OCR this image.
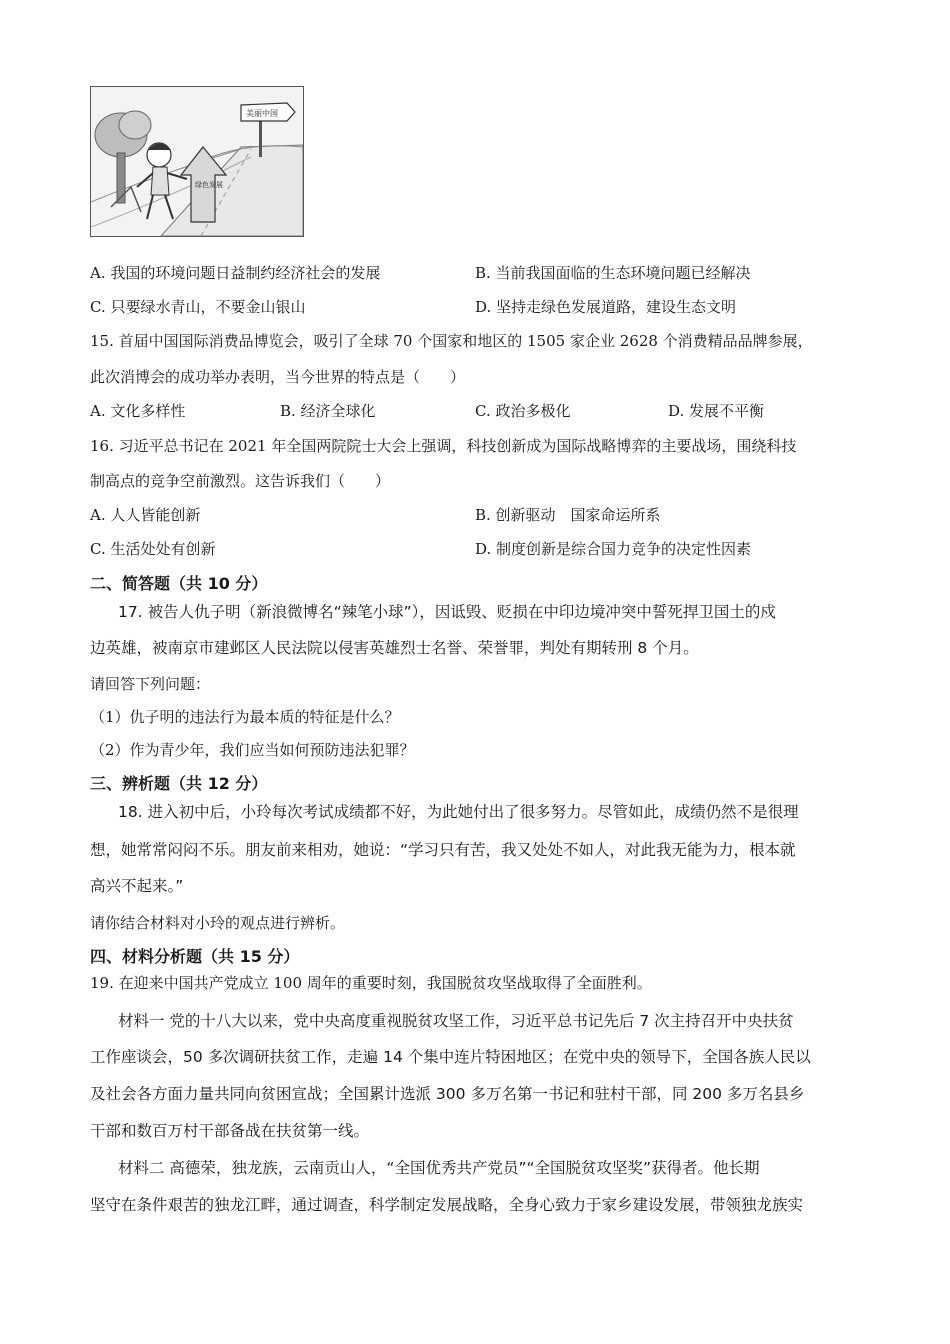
美丽中国
绿色发展
A. 我国的环境问题日益制约经济社会的发展	B. 当前我国面临的生态环境问题已经解决
C. 只要绿水青山，不要金山银山	D. 坚持走绿色发展道路，建设生态文明
15. 首届中国国际消费品博览会，吸引了全球 70 个国家和地区的 1505 家企业 2628 个消费精品品牌参展，
此次消博会的成功举办表明，当今世界的特点是（　　）
A. 文化多样性	B. 经济全球化	C. 政治多极化	D. 发展不平衡
16. 习近平总书记在 2021 年全国两院院士大会上强调，科技创新成为国际战略博弈的主要战场，围绕科技
制高点的竞争空前激烈。这告诉我们（　　）
A. 人人皆能创新	B. 创新驱动　国家命运所系
C. 生活处处有创新	D. 制度创新是综合国力竞争的决定性因素
二、简答题（共 10 分）
17. 被告人仇子明（新浪微博名“辣笔小球”），因诋毁、贬损在中印边境冲突中誓死捍卫国土的戍
边英雄，被南京市建邺区人民法院以侵害英雄烈士名誉、荣誉罪，判处有期转刑 8 个月。
请回答下列问题：
（1）仇子明的违法行为最本质的特征是什么？
（2）作为青少年，我们应当如何预防违法犯罪？
三、辨析题（共 12 分）
18. 进入初中后，小玲每次考试成绩都不好，为此她付出了很多努力。尽管如此，成绩仍然不是很理
想，她常常闷闷不乐。朋友前来相劝，她说：“学习只有苦，我又处处不如人，对此我无能为力，根本就
高兴不起来。”
请你结合材料对小玲的观点进行辨析。
四、材料分析题（共 15 分）
19. 在迎来中国共产党成立 100 周年的重要时刻，我国脱贫攻坚战取得了全面胜利。
材料一 党的十八大以来，党中央高度重视脱贫攻坚工作，习近平总书记先后 7 次主持召开中央扶贫
工作座谈会，50 多次调研扶贫工作，走遍 14 个集中连片特困地区；在党中央的领导下，全国各族人民以
及社会各方面力量共同向贫困宣战；全国累计选派 300 多万名第一书记和驻村干部，同 200 多万名县乡
干部和数百万村干部备战在扶贫第一线。
材料二 高德荣，独龙族，云南贡山人，“全国优秀共产党员”“全国脱贫攻坚奖”获得者。他长期
坚守在条件艰苦的独龙江畔，通过调查，科学制定发展战略，全身心致力于家乡建设发展，带领独龙族实
